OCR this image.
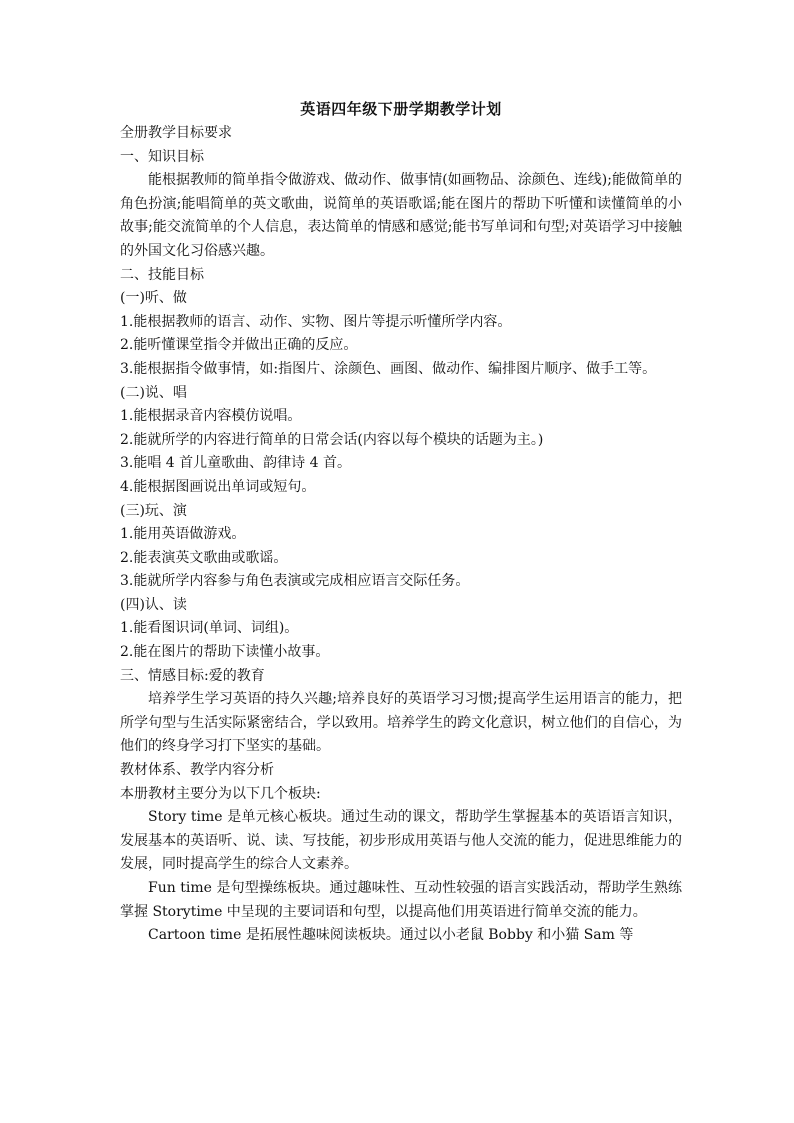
英语四年级下册学期教学计划
全册教学目标要求
一、知识目标
能根据教师的简单指令做游戏、做动作、做事情(如画物品、涂颜色、连线);能做简单的角色扮演;能唱简单的英文歌曲，说简单的英语歌谣;能在图片的帮助下听懂和读懂简单的小故事;能交流简单的个人信息，表达简单的情感和感觉;能书写单词和句型;对英语学习中接触的外国文化习俗感兴趣。
二、技能目标
(一)听、做
1.能根据教师的语言、动作、实物、图片等提示听懂所学内容。
2.能听懂课堂指令并做出正确的反应。
3.能根据指令做事情，如:指图片、涂颜色、画图、做动作、编排图片顺序、做手工等。
(二)说、唱
1.能根据录音内容模仿说唱。
2.能就所学的内容进行简单的日常会话(内容以每个模块的话题为主。)
3.能唱 4 首儿童歌曲、韵律诗 4 首。
4.能根据图画说出单词或短句。
(三)玩、演
1.能用英语做游戏。
2.能表演英文歌曲或歌谣。
3.能就所学内容参与角色表演或完成相应语言交际任务。
(四)认、读
1.能看图识词(单词、词组)。
2.能在图片的帮助下读懂小故事。
三、情感目标:爱的教育
培养学生学习英语的持久兴趣;培养良好的英语学习习惯;提高学生运用语言的能力，把所学句型与生活实际紧密结合，学以致用。培养学生的跨文化意识，树立他们的自信心，为他们的终身学习打下坚实的基础。
教材体系、教学内容分析
本册教材主要分为以下几个板块:
Story time 是单元核心板块。通过生动的课文，帮助学生掌握基本的英语语言知识，发展基本的英语听、说、读、写技能，初步形成用英语与他人交流的能力，促进思维能力的发展，同时提高学生的综合人文素养。
Fun time 是句型操练板块。通过趣味性、互动性较强的语言实践活动，帮助学生熟练掌握 Storytime 中呈现的主要词语和句型，以提高他们用英语进行简单交流的能力。
Cartoon time 是拓展性趣味阅读板块。通过以小老鼠 Bobby 和小猫 Sam 等
